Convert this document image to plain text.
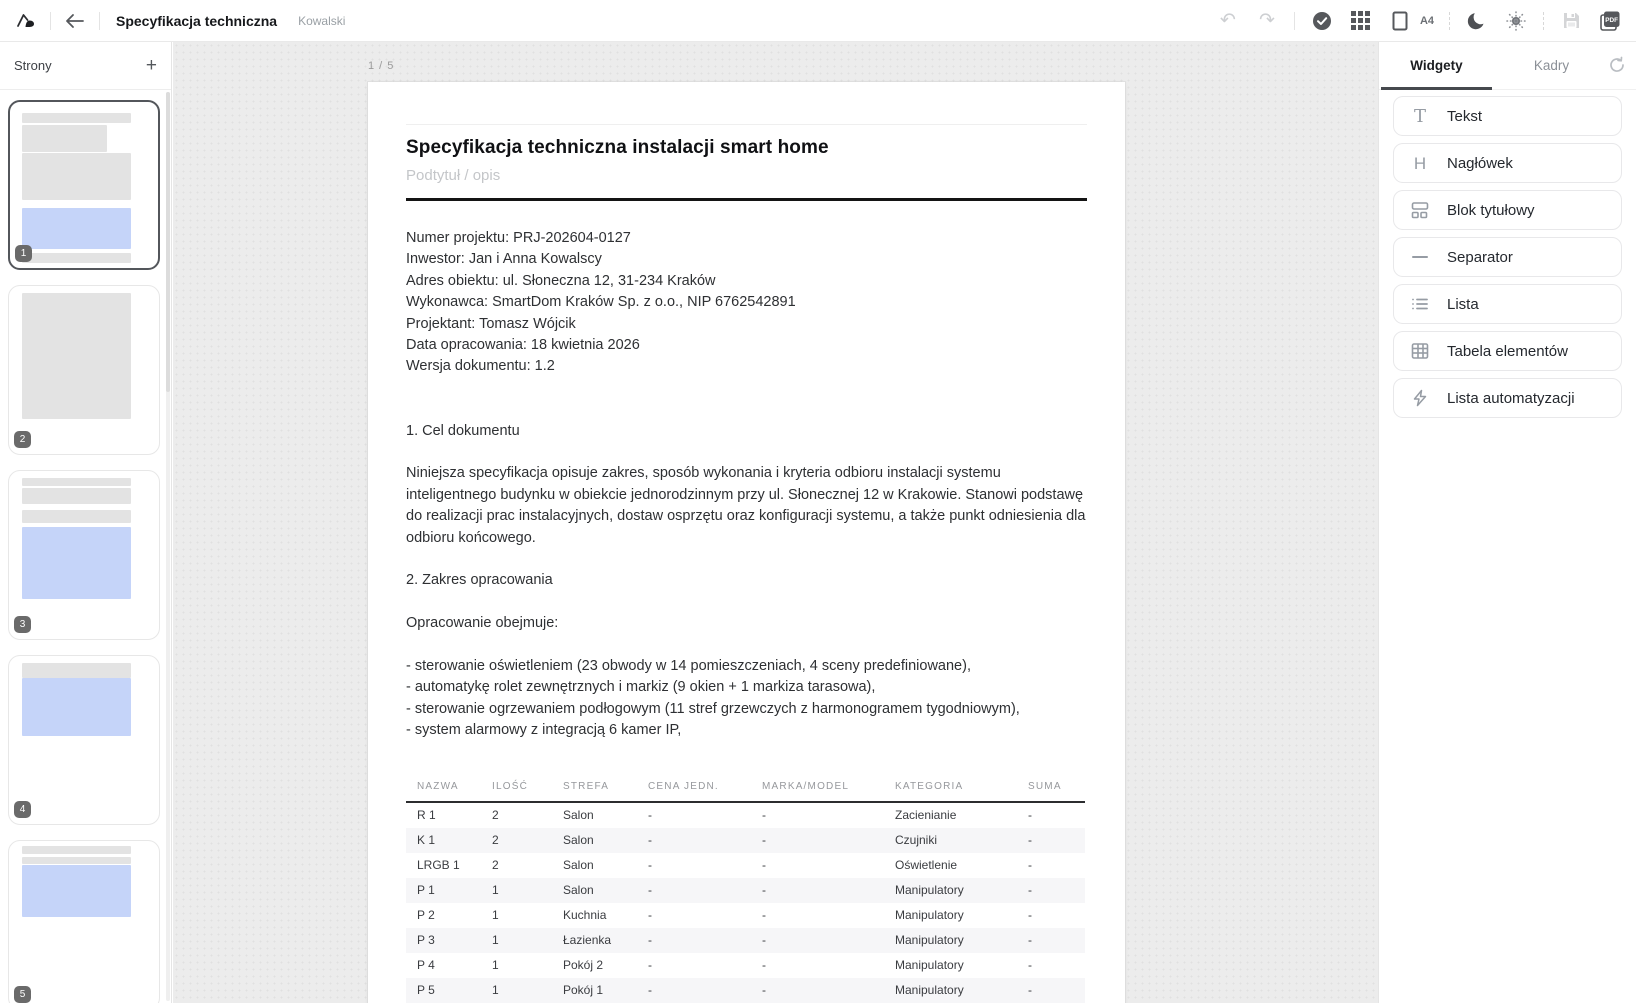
Specyfikacja techniczna Kowalski	↶ ↷	A4	PDF
Strony	+
1
2
3
4
5
1 / 5
Specyfikacja techniczna instalacji smart home
Podtytuł / opis
Numer projektu: PRJ-202604-0127
Inwestor: Jan i Anna Kowalscy
Adres obiektu: ul. Słoneczna 12, 31-234 Kraków
Wykonawca: SmartDom Kraków Sp. z o.o., NIP 6762542891
Projektant: Tomasz Wójcik
Data opracowania: 18 kwietnia 2026
Wersja dokumentu: 1.2
1. Cel dokumentu
Niniejsza specyfikacja opisuje zakres, sposób wykonania i kryteria odbioru instalacji systemu inteligentnego budynku w obiekcie jednorodzinnym przy ul. Słonecznej 12 w Krakowie. Stanowi podstawę do realizacji prac instalacyjnych, dostaw osprzętu oraz konfiguracji systemu, a także punkt odniesienia dla odbioru końcowego.
2. Zakres opracowania
Opracowanie obejmuje:
- sterowanie oświetleniem (23 obwody w 14 pomieszczeniach, 4 sceny predefiniowane),
- automatykę rolet zewnętrznych i markiz (9 okien + 1 markiza tarasowa),
- sterowanie ogrzewaniem podłogowym (11 stref grzewczych z harmonogramem tygodniowym),
- system alarmowy z integracją 6 kamer IP,
NAZWA	ILOŚĆ	STREFA	CENA JEDN.	MARKA/MODEL	KATEGORIA	SUMA
R 1	2	Salon	-	-	Zacienianie	-
K 1	2	Salon	-	-	Czujniki	-
LRGB 1	2	Salon	-	-	Oświetlenie	-
P 1	1	Salon	-	-	Manipulatory	-
P 2	1	Kuchnia	-	-	Manipulatory	-
P 3	1	Łazienka	-	-	Manipulatory	-
P 4	1	Pokój 2	-	-	Manipulatory	-
P 5	1	Pokój 1	-	-	Manipulatory	-
Widgety	Kadry
T Tekst
H Nagłówek
Blok tytułowy
Separator
Lista
Tabela elementów
Lista automatyzacji
